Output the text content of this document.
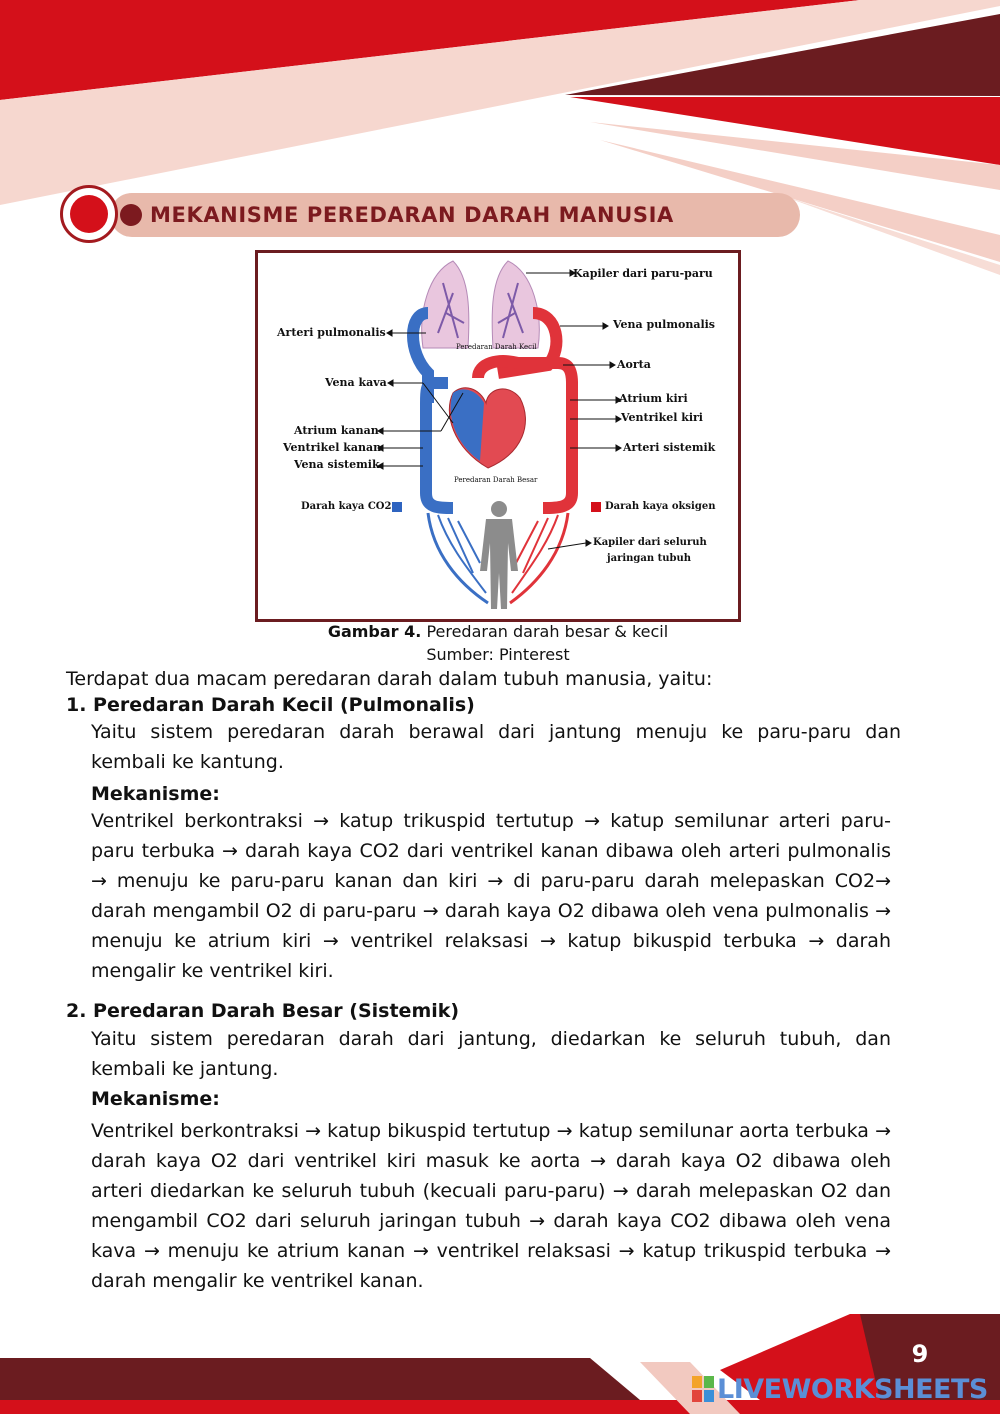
MEKANISME PEREDARAN DARAH MANUSIA
Kapiler dari paru-paru
Arteri pulmonalis
Vena pulmonalis
Peredaran Darah Kecil
Aorta
Vena kava
Atrium kiri
Ventrikel kiri
Atrium kanan
Ventrikel kanan	Arteri sistemik
Vena sistemik
Peredaran Darah Besar
Darah kaya CO2	Darah kaya oksigen
Kapiler dari seluruh
jaringan tubuh
Gambar 4. Peredaran darah besar & kecil
Sumber: Pinterest
Terdapat dua macam peredaran darah dalam tubuh manusia, yaitu:
1. Peredaran Darah Kecil (Pulmonalis)
Yaitu sistem peredaran darah berawal dari jantung menuju ke paru-paru dan kembali ke kantung.
Mekanisme:
Ventrikel berkontraksi → katup trikuspid tertutup → katup semilunar arteri paru-paru terbuka → darah kaya CO2 dari ventrikel kanan dibawa oleh arteri pulmonalis → menuju ke paru-paru kanan dan kiri → di paru-paru darah melepaskan CO2→ darah mengambil O2 di paru-paru → darah kaya O2 dibawa oleh vena pulmonalis → menuju ke atrium kiri → ventrikel relaksasi → katup bikuspid terbuka → darah mengalir ke ventrikel kiri.
2. Peredaran Darah Besar (Sistemik)
Yaitu sistem peredaran darah dari jantung, diedarkan ke seluruh tubuh, dan kembali ke jantung.
Mekanisme:
Ventrikel berkontraksi → katup bikuspid tertutup → katup semilunar aorta terbuka → darah kaya O2 dari ventrikel kiri masuk ke aorta → darah kaya O2 dibawa oleh arteri diedarkan ke seluruh tubuh (kecuali paru-paru) → darah melepaskan O2 dan mengambil CO2 dari seluruh jaringan tubuh → darah kaya CO2 dibawa oleh vena kava → menuju ke atrium kanan → ventrikel relaksasi → katup trikuspid terbuka → darah mengalir ke ventrikel kanan.
9
LIVEWORKSHEETS
